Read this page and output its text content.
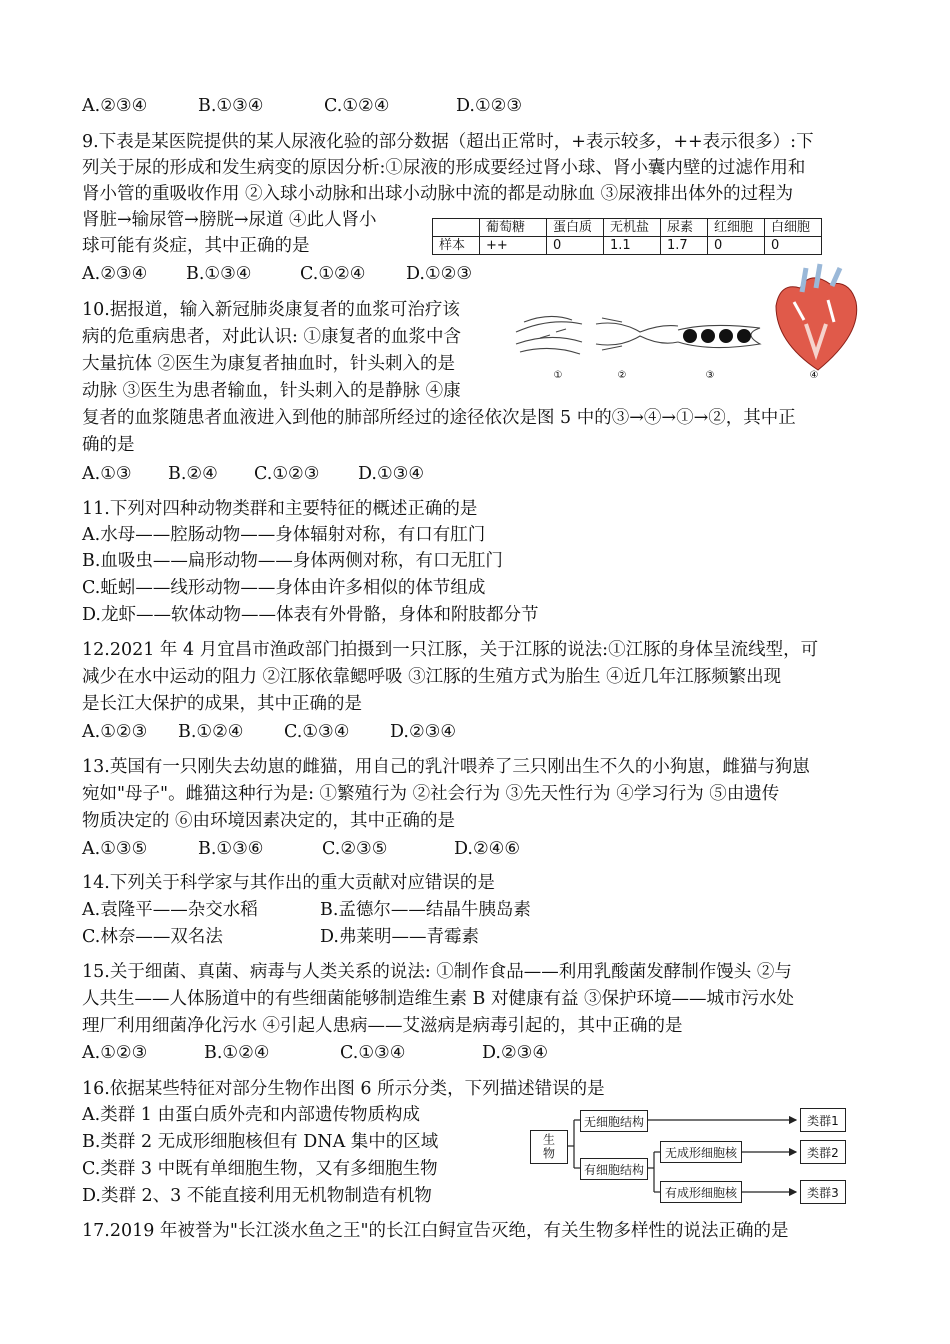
A.②③④	B.①③④	C.①②④	D.①②③
9.下表是某医院提供的某人尿液化验的部分数据（超出正常时，+表示较多，++表示很多）:下
列关于尿的形成和发生病变的原因分析:①尿液的形成要经过肾小球、肾小囊内壁的过滤作用和
肾小管的重吸收作用 ②入球小动脉和出球小动脉中流的都是动脉血 ③尿液排出体外的过程为
肾脏→输尿管→膀胱→尿道 ④此人肾小
球可能有炎症，其中正确的是
	葡萄糖	蛋白质	无机盐	尿素	红细胞	白细胞
样本	++	0	1.1	1.7	0	0
A.②③④ B.①③④	C.①②④ D.①②③
10.据报道，输入新冠肺炎康复者的血浆可治疗该
病的危重病患者，对此认识: ①康复者的血浆中含
大量抗体 ②医生为康复者抽血时，针头刺入的是
动脉 ③医生为患者输血，针头刺入的是静脉 ④康
复者的血浆随患者血液进入到他的肺部所经过的途径依次是图 5 中的③→④→①→②，其中正
确的是
①	②	③	④
A.①③ B.②④ C.①②③ D.①③④
11.下列对四种动物类群和主要特征的概述正确的是
A.水母——腔肠动物——身体辐射对称，有口有肛门
B.血吸虫——扁形动物——身体两侧对称，有口无肛门
C.蚯蚓——线形动物——身体由许多相似的体节组成
D.龙虾——软体动物——体表有外骨骼，身体和附肢都分节
12.2021 年 4 月宜昌市渔政部门拍摄到一只江豚，关于江豚的说法:①江豚的身体呈流线型，可
减少在水中运动的阻力 ②江豚依靠鳃呼吸 ③江豚的生殖方式为胎生 ④近几年江豚频繁出现
是长江大保护的成果，其中正确的是
A.①②③ B.①②④ C.①③④ D.②③④
13.英国有一只刚失去幼崽的雌猫，用自己的乳汁喂养了三只刚出生不久的小狗崽，雌猫与狗崽
宛如"母子"。雌猫这种行为是: ①繁殖行为 ②社会行为 ③先天性行为 ④学习行为 ⑤由遗传
物质决定的 ⑥由环境因素决定的，其中正确的是
A.①③⑤	B.①③⑥	C.②③⑤	D.②④⑥
14.下列关于科学家与其作出的重大贡献对应错误的是
A.袁隆平——杂交水稻	B.孟德尔——结晶牛胰岛素
C.林奈——双名法	D.弗莱明——青霉素
15.关于细菌、真菌、病毒与人类关系的说法: ①制作食品——利用乳酸菌发酵制作馒头 ②与
人共生——人体肠道中的有些细菌能够制造维生素 B 对健康有益 ③保护环境——城市污水处
理厂利用细菌净化污水 ④引起人患病——艾滋病是病毒引起的，其中正确的是
A.①②③	B.①②④	C.①③④	D.②③④
16.依据某些特征对部分生物作出图 6 所示分类，下列描述错误的是
A.类群 1 由蛋白质外壳和内部遗传物质构成
B.类群 2 无成形细胞核但有 DNA 集中的区域
C.类群 3 中既有单细胞生物，又有多细胞生物
D.类群 2、3 不能直接利用无机物制造有机物
生物
无细胞结构
有细胞结构
无成形细胞核
有成形细胞核
类群1
类群2
类群3
17.2019 年被誉为"长江淡水鱼之王"的长江白鲟宣告灭绝，有关生物多样性的说法正确的是
